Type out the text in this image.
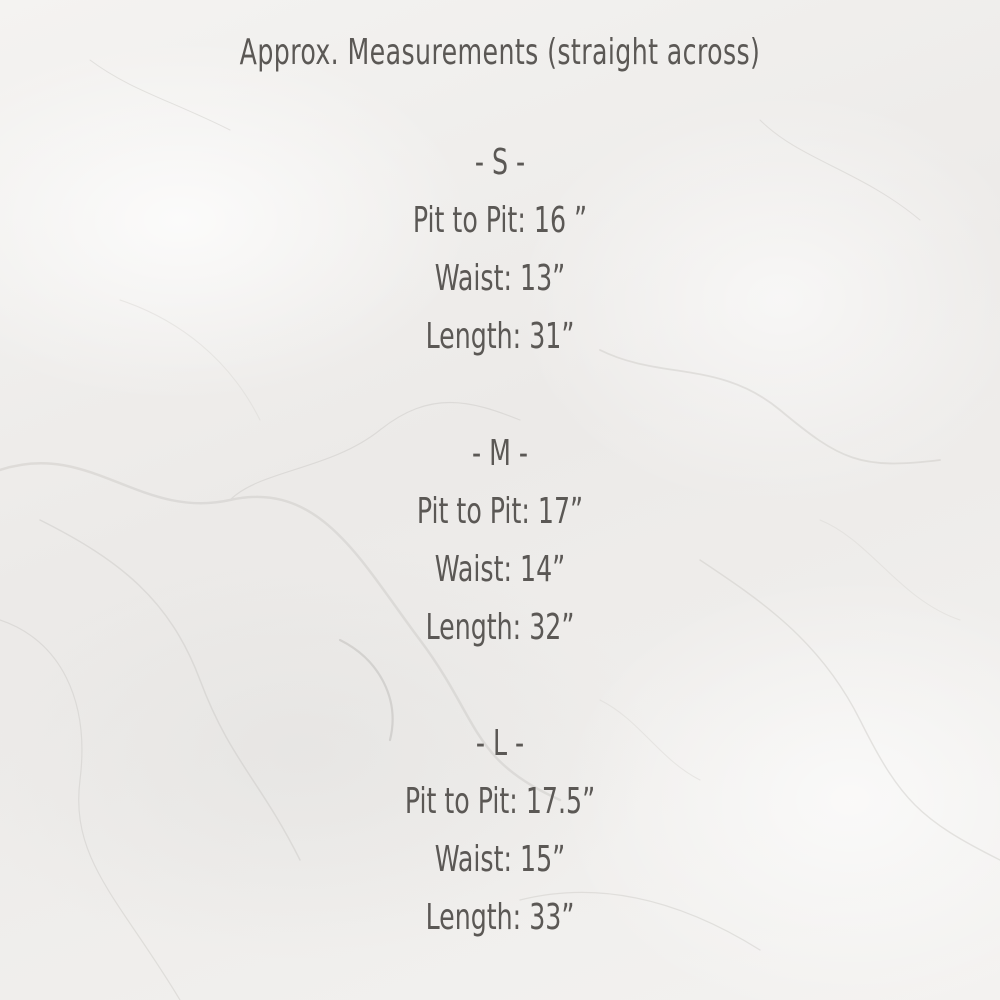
Approx. Measurements (straight across)
- S -
Pit to Pit: 16 ”
Waist: 13”
Length: 31”
- M -
Pit to Pit: 17”
Waist: 14”
Length: 32”
- L -
Pit to Pit: 17.5”
Waist: 15”
Length: 33”
